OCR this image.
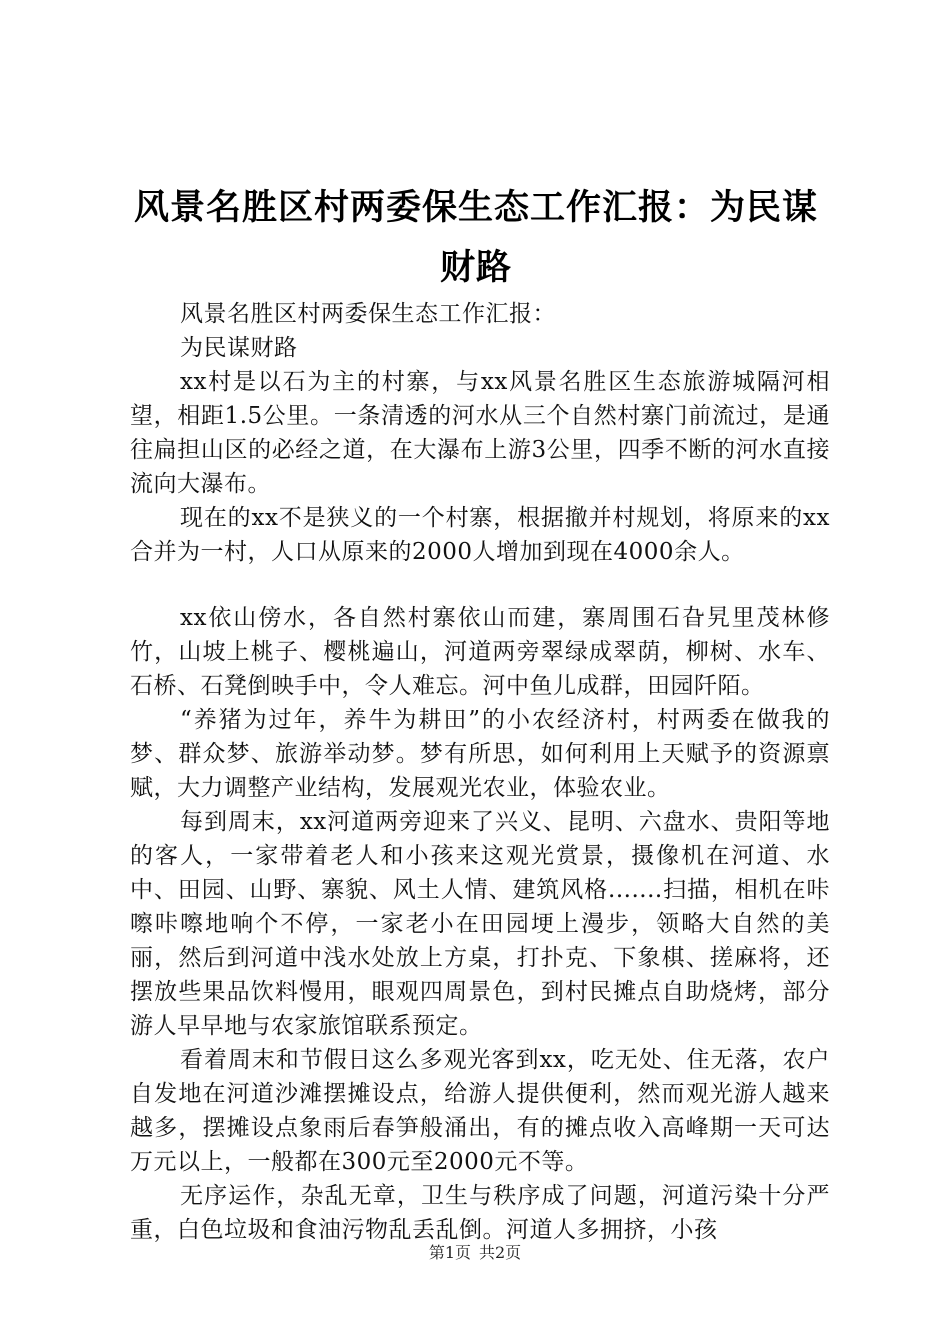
风景名胜区村两委保生态工作汇报：为民谋财路

风景名胜区村两委保生态工作汇报：

为民谋财路

xx村是以石为主的村寨，与xx风景名胜区生态旅游城隔河相望，相距1.5公里。一条清透的河水从三个自然村寨门前流过，是通往扁担山区的必经之道，在大瀑布上游3公里，四季不断的河水直接流向大瀑布。

现在的xx不是狭义的一个村寨，根据撤并村规划，将原来的xx合并为一村，人口从原来的2000人增加到现在4000余人。

xx依山傍水，各自然村寨依山而建，寨周围石旮旯里茂林修竹，山坡上桃子、樱桃遍山，河道两旁翠绿成翠荫，柳树、水车、石桥、石凳倒映手中，令人难忘。河中鱼儿成群，田园阡陌。

“养猪为过年，养牛为耕田”的小农经济村，村两委在做我的梦、群众梦、旅游举动梦。梦有所思，如何利用上天赋予的资源禀赋，大力调整产业结构，发展观光农业，体验农业。

每到周末，xx河道两旁迎来了兴义、昆明、六盘水、贵阳等地的客人，一家带着老人和小孩来这观光赏景，摄像机在河道、水中、田园、山野、寨貌、风土人情、建筑风格.......扫描，相机在咔嚓咔嚓地响个不停，一家老小在田园埂上漫步，领略大自然的美丽，然后到河道中浅水处放上方桌，打扑克、下象棋、搓麻将，还摆放些果品饮料慢用，眼观四周景色，到村民摊点自助烧烤，部分游人早早地与农家旅馆联系预定。

看着周末和节假日这么多观光客到xx，吃无处、住无落，农户自发地在河道沙滩摆摊设点，给游人提供便利，然而观光游人越来越多，摆摊设点象雨后春笋般涌出，有的摊点收入高峰期一天可达万元以上，一般都在300元至2000元不等。

无序运作，杂乱无章，卫生与秩序成了问题，河道污染十分严重，白色垃圾和食油污物乱丢乱倒。河道人多拥挤，小孩

第1页 共2页
